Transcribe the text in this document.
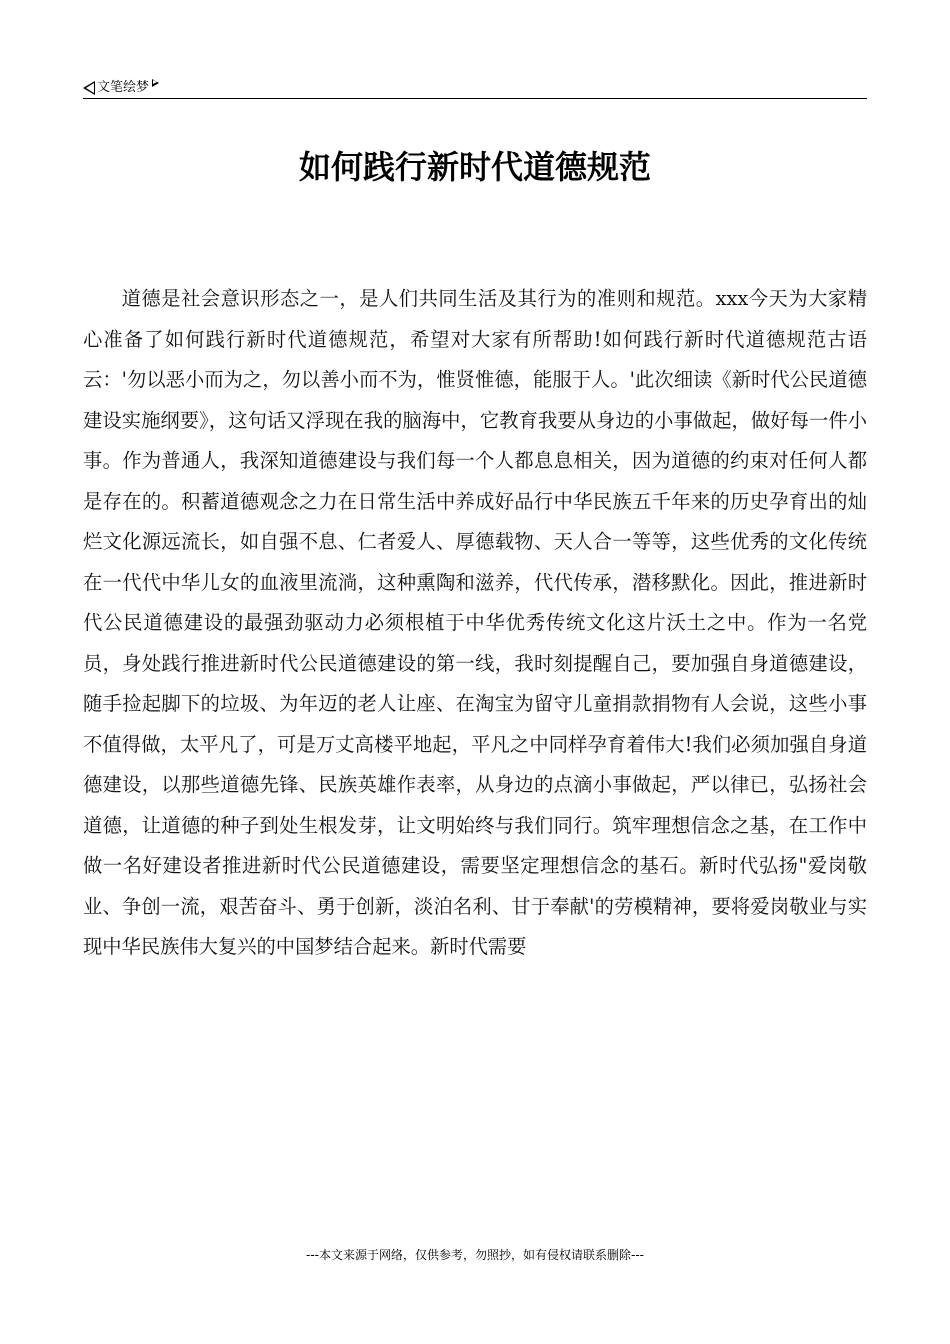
文笔绘梦
如何践行新时代道德规范

道德是社会意识形态之一，是人们共同生活及其行为的准则和规范。xxx今天为大家精心准备了如何践行新时代道德规范，希望对大家有所帮助!如何践行新时代道德规范古语云：'勿以恶小而为之，勿以善小而不为，惟贤惟德，能服于人。'此次细读《新时代公民道德建设实施纲要》，这句话又浮现在我的脑海中，它教育我要从身边的小事做起，做好每一件小事。作为普通人，我深知道德建设与我们每一个人都息息相关，因为道德的约束对任何人都是存在的。积蓄道德观念之力在日常生活中养成好品行中华民族五千年来的历史孕育出的灿烂文化源远流长，如自强不息、仁者爱人、厚德载物、天人合一等等，这些优秀的文化传统在一代代中华儿女的血液里流淌，这种熏陶和滋养，代代传承，潜移默化。因此，推进新时代公民道德建设的最强劲驱动力必须根植于中华优秀传统文化这片沃土之中。作为一名党员，身处践行推进新时代公民道德建设的第一线，我时刻提醒自己，要加强自身道德建设，随手捡起脚下的垃圾、为年迈的老人让座、在淘宝为留守儿童捐款捐物有人会说，这些小事不值得做，太平凡了，可是万丈高楼平地起，平凡之中同样孕育着伟大!我们必须加强自身道德建设，以那些道德先锋、民族英雄作表率，从身边的点滴小事做起，严以律已，弘扬社会道德，让道德的种子到处生根发芽，让文明始终与我们同行。筑牢理想信念之基，在工作中做一名好建设者推进新时代公民道德建设，需要坚定理想信念的基石。新时代弘扬"爱岗敬业、争创一流，艰苦奋斗、勇于创新，淡泊名利、甘于奉献'的劳模精神，要将爱岗敬业与实现中华民族伟大复兴的中国梦结合起来。新时代需要

---本文来源于网络，仅供参考，勿照抄，如有侵权请联系删除---
